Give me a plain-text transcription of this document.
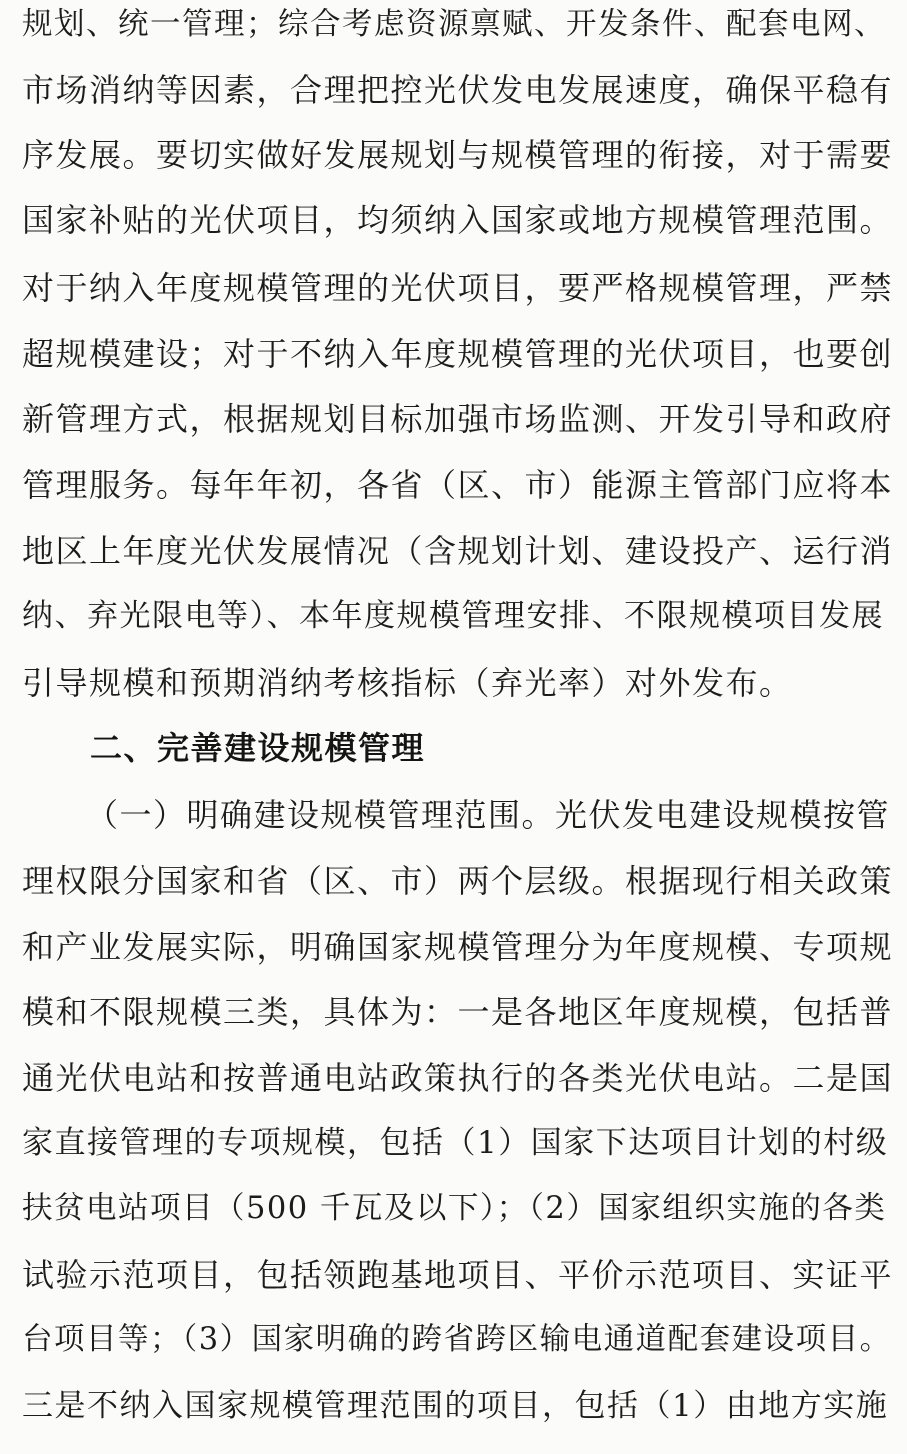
规划、统一管理；综合考虑资源禀赋、开发条件、配套电网、
市场消纳等因素，合理把控光伏发电发展速度，确保平稳有
序发展。要切实做好发展规划与规模管理的衔接，对于需要
国家补贴的光伏项目，均须纳入国家或地方规模管理范围。
对于纳入年度规模管理的光伏项目，要严格规模管理，严禁
超规模建设；对于不纳入年度规模管理的光伏项目，也要创
新管理方式，根据规划目标加强市场监测、开发引导和政府
管理服务。每年年初，各省（区、市）能源主管部门应将本
地区上年度光伏发展情况（含规划计划、建设投产、运行消
纳、弃光限电等）、本年度规模管理安排、不限规模项目发展
引导规模和预期消纳考核指标（弃光率）对外发布。
二、完善建设规模管理
（一）明确建设规模管理范围。光伏发电建设规模按管
理权限分国家和省（区、市）两个层级。根据现行相关政策
和产业发展实际，明确国家规模管理分为年度规模、专项规
模和不限规模三类，具体为：一是各地区年度规模，包括普
通光伏电站和按普通电站政策执行的各类光伏电站。二是国
家直接管理的专项规模，包括（1）国家下达项目计划的村级
扶贫电站项目（500 千瓦及以下）；（2）国家组织实施的各类
试验示范项目，包括领跑基地项目、平价示范项目、实证平
台项目等；（3）国家明确的跨省跨区输电通道配套建设项目。
三是不纳入国家规模管理范围的项目，包括（1）由地方实施
